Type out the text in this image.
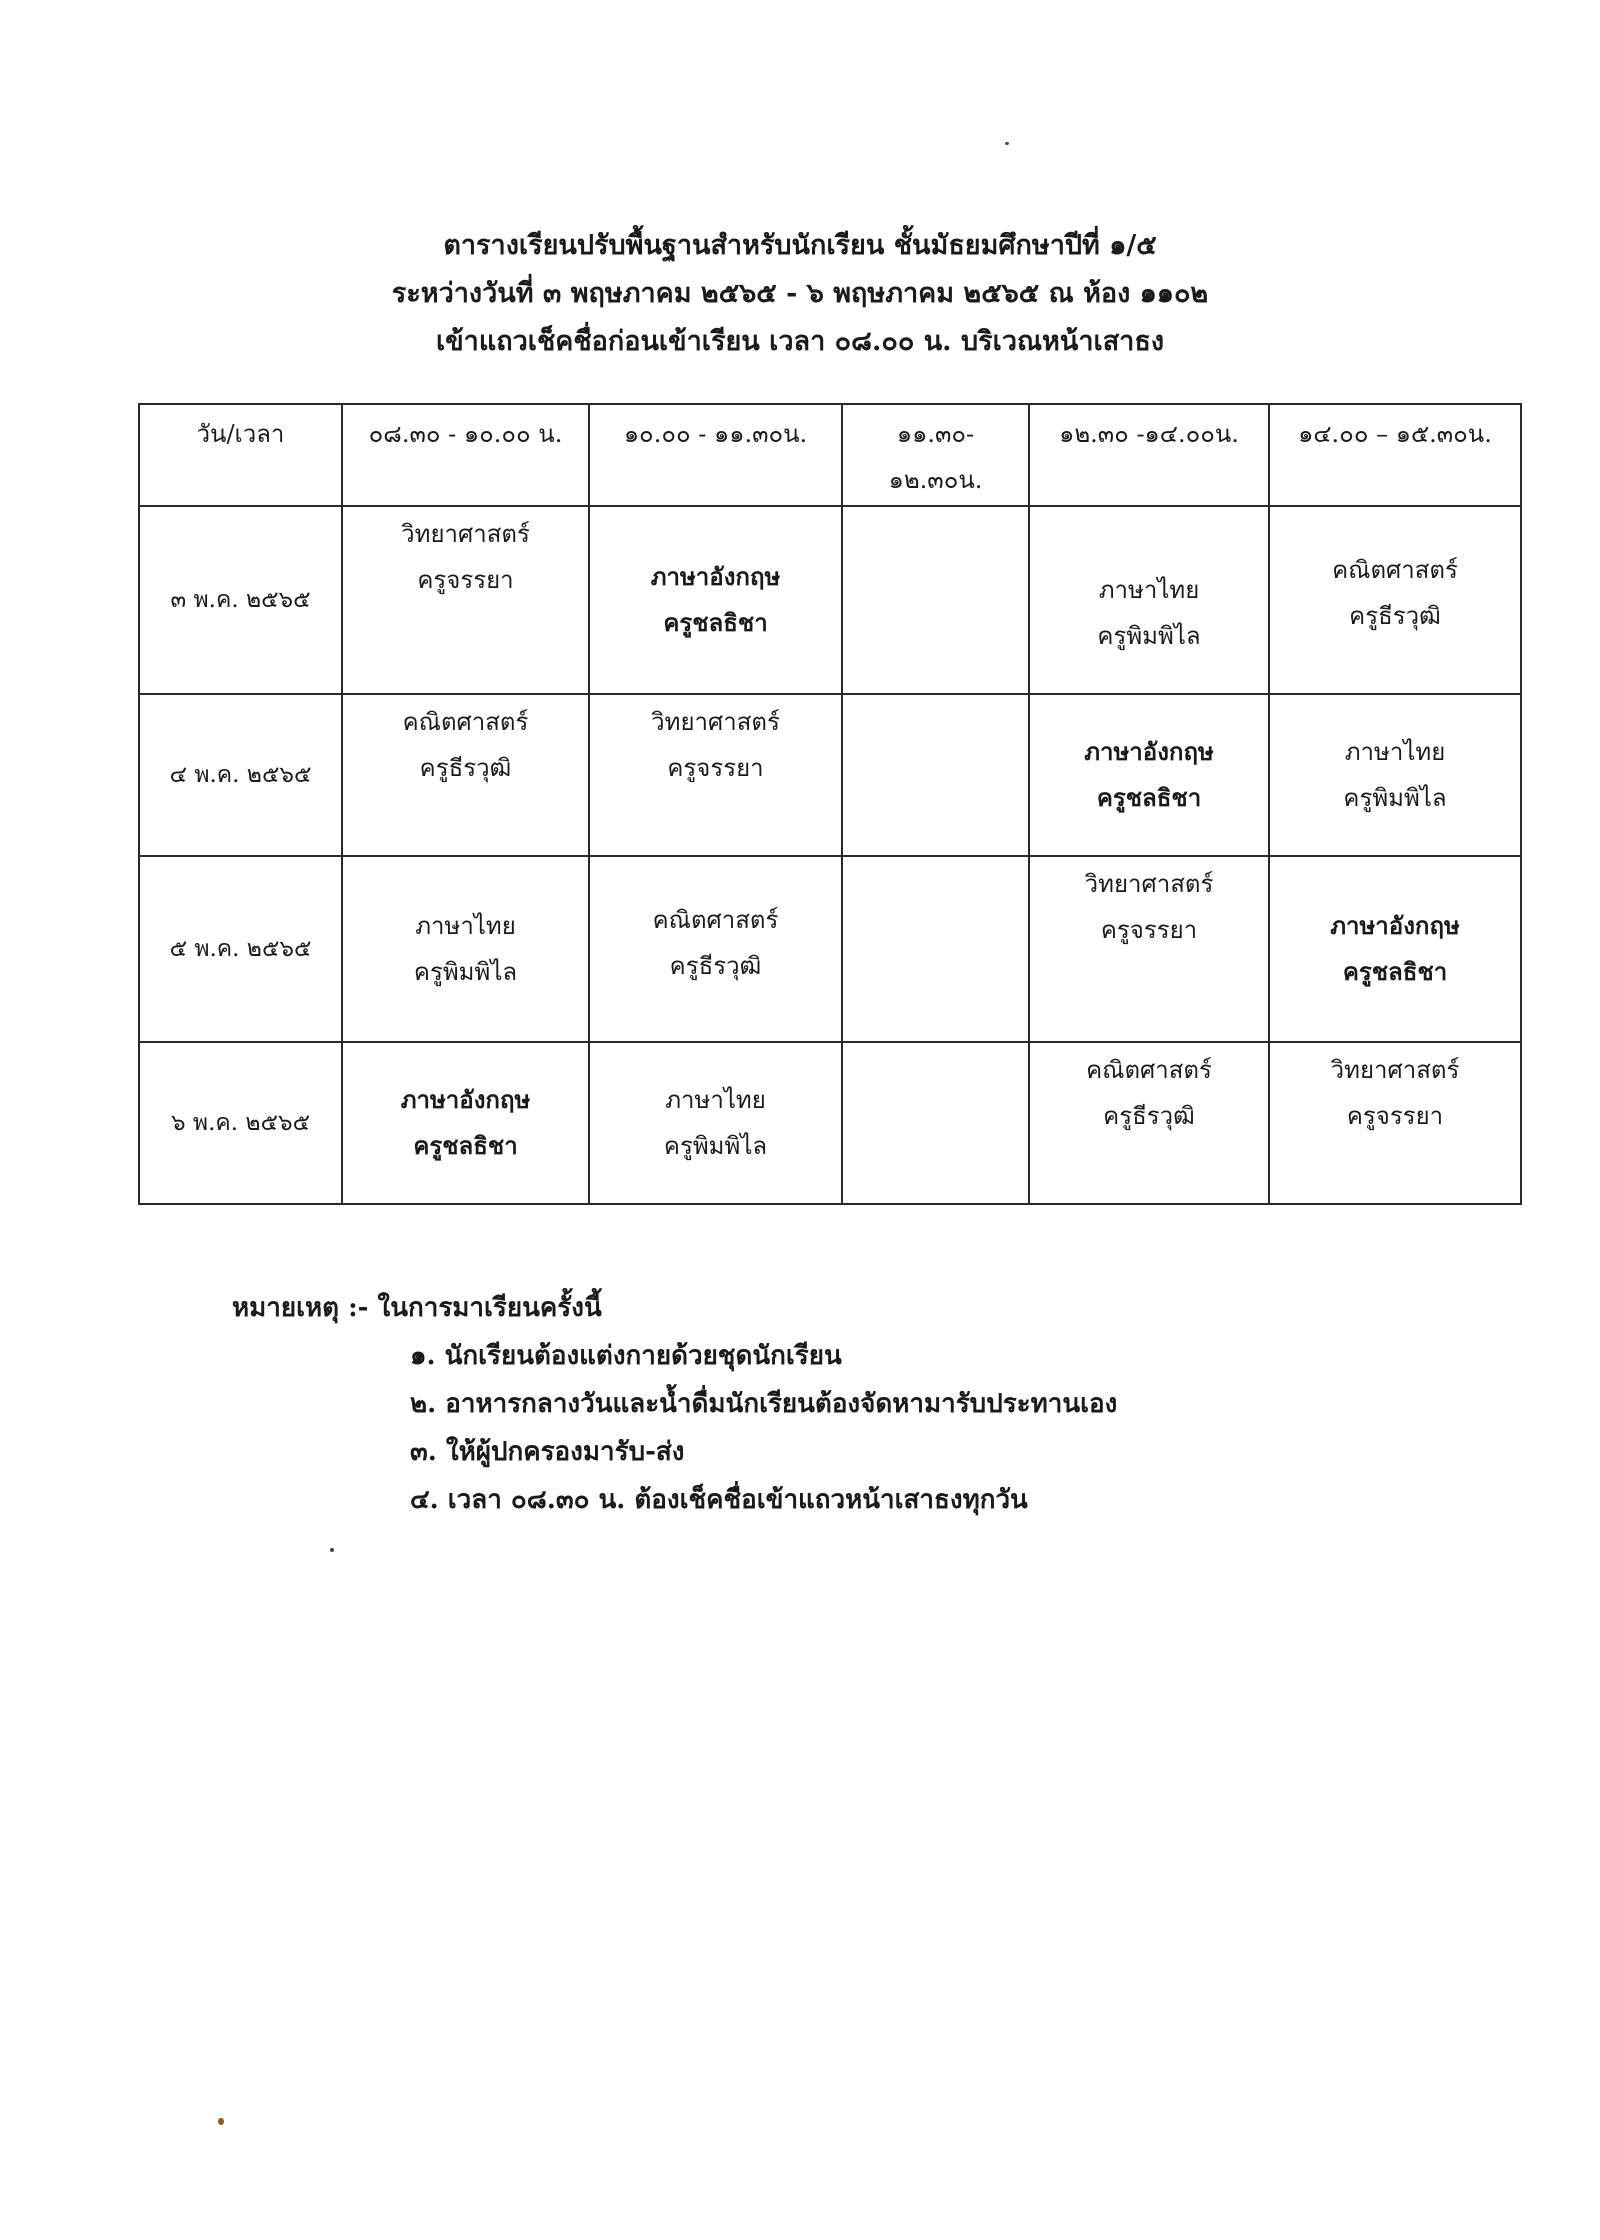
ตารางเรียนปรับพื้นฐานสำหรับนักเรียน ชั้นมัธยมศึกษาปีที่ ๑/๕
ระหว่างวันที่ ๓ พฤษภาคม ๒๕๖๕ - ๖ พฤษภาคม ๒๕๖๕ ณ ห้อง ๑๑๐๒
เข้าแถวเช็คชื่อก่อนเข้าเรียน เวลา ๐๘.๐๐ น. บริเวณหน้าเสาธง
วัน/เวลา	๐๘.๓๐ - ๑๐.๐๐ น.	๑๐.๐๐ - ๑๑.๓๐น.	๑๑.๓๐-
๑๒.๓๐น.	๑๒.๓๐ -๑๔.๐๐น.	๑๔.๐๐ – ๑๕.๓๐น.

๓ พ.ค. ๒๕๖๕	วิทยาศาสตร์
ครูจรรยา	ภาษาอังกฤษ
ครูชลธิชา		ภาษาไทย
ครูพิมพิไล	คณิตศาสตร์
ครูธีรวุฒิ

๔ พ.ค. ๒๕๖๕	คณิตศาสตร์
ครูธีรวุฒิ	วิทยาศาสตร์
ครูจรรยา		ภาษาอังกฤษ
ครูชลธิชา	ภาษาไทย
ครูพิมพิไล

๕ พ.ค. ๒๕๖๕	ภาษาไทย
ครูพิมพิไล	คณิตศาสตร์
ครูธีรวุฒิ		วิทยาศาสตร์
ครูจรรยา	ภาษาอังกฤษ
ครูชลธิชา

๖ พ.ค. ๒๕๖๕	ภาษาอังกฤษ
ครูชลธิชา	ภาษาไทย
ครูพิมพิไล		คณิตศาสตร์
ครูธีรวุฒิ	วิทยาศาสตร์
ครูจรรยา
หมายเหตุ :- ในการมาเรียนครั้งนี้
๑. นักเรียนต้องแต่งกายด้วยชุดนักเรียน
๒. อาหารกลางวันและน้ำดื่มนักเรียนต้องจัดหามารับประทานเอง
๓. ให้ผู้ปกครองมารับ-ส่ง
๔. เวลา ๐๘.๓๐ น. ต้องเช็คชื่อเข้าแถวหน้าเสาธงทุกวัน
